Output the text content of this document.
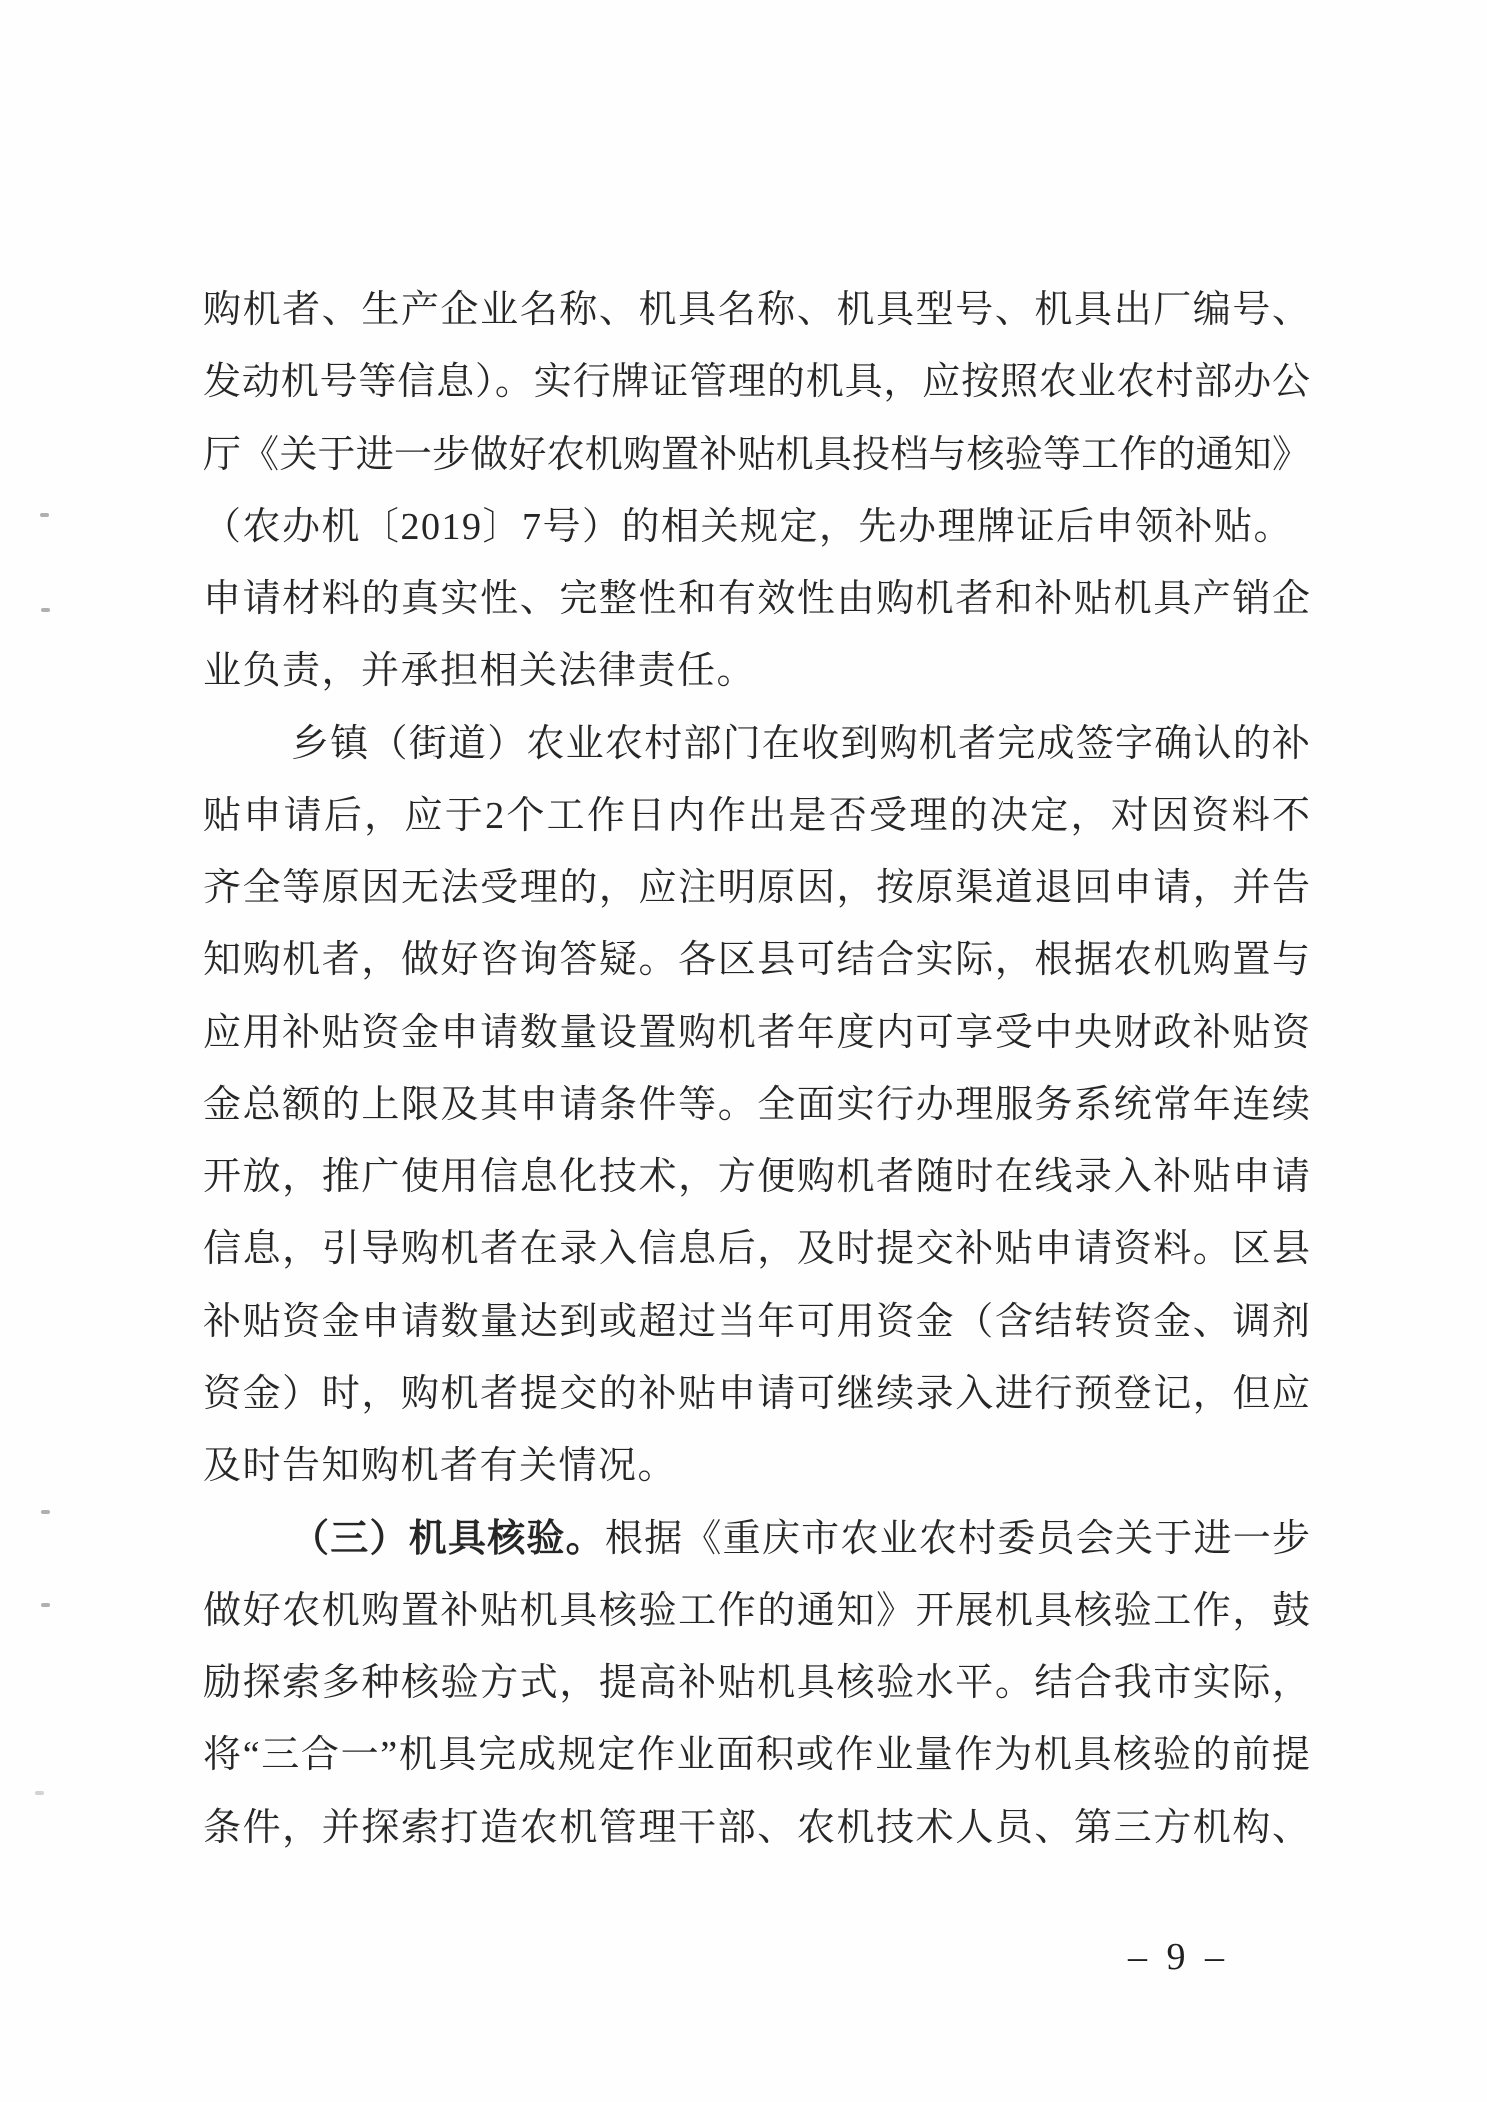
购机者、生产企业名称、机具名称、机具型号、机具出厂编号、
发动机号等信息）。实行牌证管理的机具，应按照农业农村部办公
厅《关于进一步做好农机购置补贴机具投档与核验等工作的通知》
（农办机〔2019〕7号）的相关规定，先办理牌证后申领补贴。
申请材料的真实性、完整性和有效性由购机者和补贴机具产销企
业负责，并承担相关法律责任。
乡镇（街道）农业农村部门在收到购机者完成签字确认的补
贴申请后，应于2个工作日内作出是否受理的决定，对因资料不
齐全等原因无法受理的，应注明原因，按原渠道退回申请，并告
知购机者，做好咨询答疑。各区县可结合实际，根据农机购置与
应用补贴资金申请数量设置购机者年度内可享受中央财政补贴资
金总额的上限及其申请条件等。全面实行办理服务系统常年连续
开放，推广使用信息化技术，方便购机者随时在线录入补贴申请
信息，引导购机者在录入信息后，及时提交补贴申请资料。区县
补贴资金申请数量达到或超过当年可用资金（含结转资金、调剂
资金）时，购机者提交的补贴申请可继续录入进行预登记，但应
及时告知购机者有关情况。
（三）机具核验。根据《重庆市农业农村委员会关于进一步
做好农机购置补贴机具核验工作的通知》开展机具核验工作，鼓
励探索多种核验方式，提高补贴机具核验水平。结合我市实际，
将“三合一”机具完成规定作业面积或作业量作为机具核验的前提
条件，并探索打造农机管理干部、农机技术人员、第三方机构、
– 9 –
